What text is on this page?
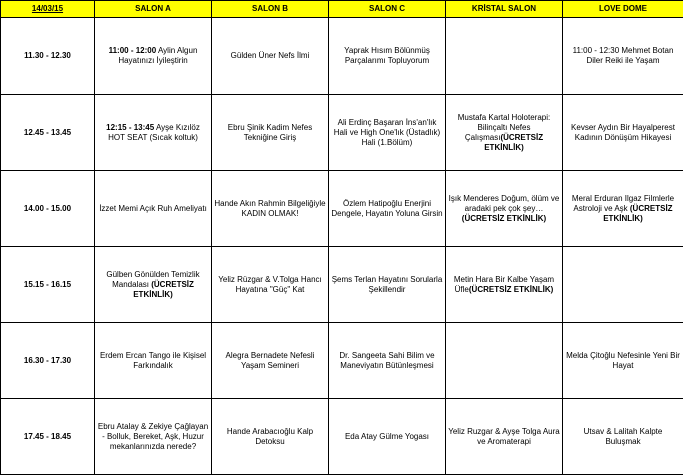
14/03/15	SALON A	SALON B	SALON C	KRİSTAL SALON	LOVE DOME
11.30 - 12.30	11:00 - 12:00 Aylin Algun Hayatınızı İyileştirin	Gülden Üner Nefs İlmi	Yaprak Hısım Bölünmüş Parçalarımı Topluyorum		11:00 - 12:30 Mehmet Botan Diler Reiki ile Yaşam

12.45 - 13.45	12:15 - 13:45 Ayşe Kızılöz HOT SEAT (Sıcak koltuk)	Ebru Şinik Kadim Nefes Tekniğine Giriş	Ali Erdinç Başaran İns'an'lık Hali ve High One'lık (Üstadlık) Hali (1.Bölüm)	Mustafa Kartal Holoterapi: Bilinçaltı Nefes Çalışması(ÜCRETSİZ ETKİNLİK)	Kevser Aydın Bir Hayalperest Kadının Dönüşüm Hikayesi

14.00 - 15.00	İzzet Memi Açık Ruh Ameliyatı	Hande Akın Rahmin Bilgeliğiyle KADIN OLMAK!	Özlem Hatipoğlu Enerjini Dengele, Hayatın Yoluna Girsin	Işık Menderes Doğum, ölüm ve aradaki pek çok şey… (ÜCRETSİZ ETKİNLİK)	Meral Erduran Ilgaz Filmlerle Astroloji ve Aşk (ÜCRETSİZ ETKİNLİK)

15.15 - 16.15	Gülben Gönülden Temizlik Mandalası (ÜCRETSİZ ETKİNLİK)	Yeliz Rüzgar & V.Tolga Hancı Hayatına "Güç" Kat	Şems Terlan Hayatını Sorularla Şekillendir	Metin Hara Bir Kalbe Yaşam Üfle(ÜCRETSİZ ETKİNLİK)	

16.30 - 17.30	Erdem Ercan Tango ile Kişisel Farkındalık	Alegra Bernadete Nefesli Yaşam Semineri	Dr. Sangeeta Sahi Bilim ve Maneviyatın Bütünleşmesi		Melda Çitoğlu Nefesinle Yeni Bir Hayat

17.45 - 18.45	Ebru Atalay & Zekiye Çağlayan - Bolluk, Bereket, Aşk, Huzur mekanlarınızda nerede?	Hande Arabacıoğlu Kalp Detoksu	Eda Atay Gülme Yogası	Yeliz Ruzgar & Ayşe Tolga Aura ve Aromaterapi	Utsav & Lalitah Kalpte Buluşmak
